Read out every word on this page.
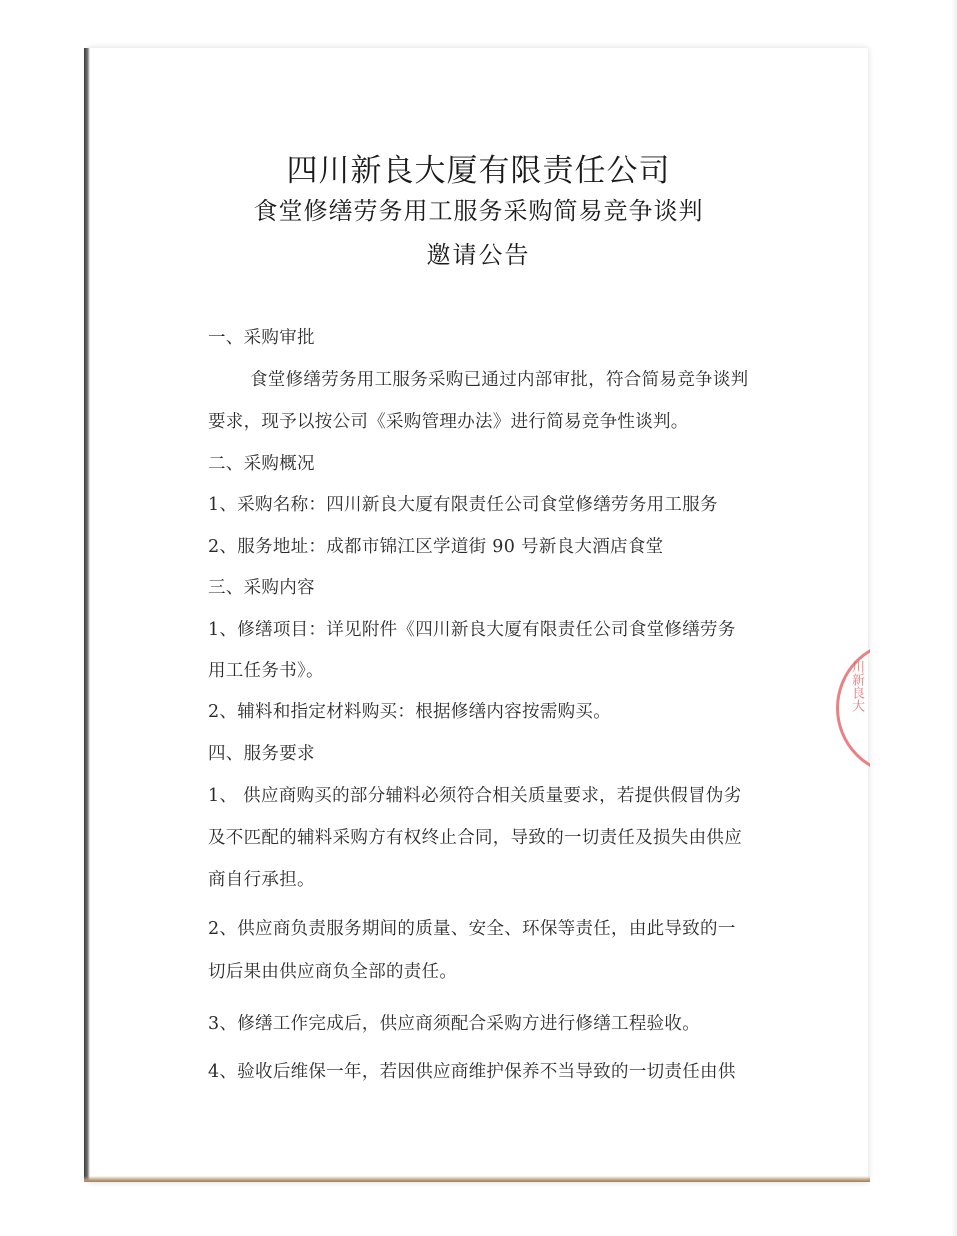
四川新良大厦有限责任公司
食堂修缮劳务用工服务采购简易竞争谈判
邀请公告
一、采购审批
食堂修缮劳务用工服务采购已通过内部审批，符合简易竞争谈判
要求，现予以按公司《采购管理办法》进行简易竞争性谈判。
二、采购概况
1、采购名称：四川新良大厦有限责任公司食堂修缮劳务用工服务
2、服务地址：成都市锦江区学道街 90 号新良大酒店食堂
三、采购内容
1、修缮项目：详见附件《四川新良大厦有限责任公司食堂修缮劳务
用工任务书》。
2、辅料和指定材料购买：根据修缮内容按需购买。
四、服务要求
1、 供应商购买的部分辅料必须符合相关质量要求，若提供假冒伪劣
及不匹配的辅料采购方有权终止合同，导致的一切责任及损失由供应
商自行承担。
2、供应商负责服务期间的质量、安全、环保等责任，由此导致的一
切后果由供应商负全部的责任。
3、修缮工作完成后，供应商须配合采购方进行修缮工程验收。
4、验收后维保一年，若因供应商维护保养不当导致的一切责任由供
川新良大
